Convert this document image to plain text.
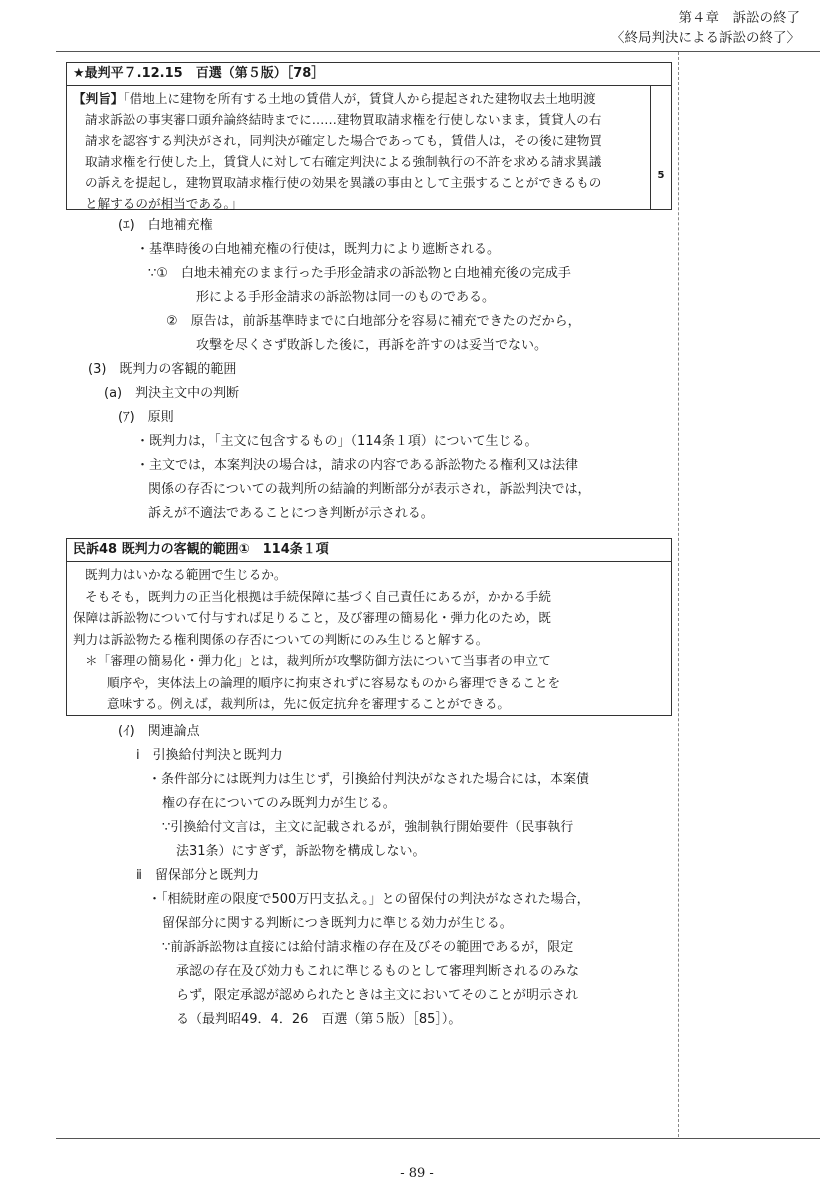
第４章　訴訟の終了
〈終局判決による訴訟の終了〉
★最判平７.12.15　百選（第５版）［78］
5

【判旨】「借地上に建物を所有する土地の賃借人が，賃貸人から提起された建物収去土地明渡

請求訴訟の事実審口頭弁論終結時までに……建物買取請求権を行使しないまま，賃貸人の右

請求を認容する判決がされ，同判決が確定した場合であっても，賃借人は，その後に建物買

取請求権を行使した上，賃貸人に対して右確定判決による強制執行の不許を求める請求異議

の訴えを提起し，建物買取請求権行使の効果を異議の事由として主張することができるもの

と解するのが相当である。」

(ｴ)　白地補充権
・基準時後の白地補充権の行使は，既判力により遮断される。
∵①　白地未補充のまま行った手形金請求の訴訟物と白地補充後の完成手
形による手形金請求の訴訟物は同一のものである。
②　原告は，前訴基準時までに白地部分を容易に補充できたのだから，
攻撃を尽くさず敗訴した後に，再訴を許すのは妥当でない。
(3)　既判力の客観的範囲
(a)　判決主文中の判断
(ｱ)　原則
・既判力は，「主文に包含するもの」（114条１項）について生じる。
・主文では，本案判決の場合は，請求の内容である訴訟物たる権利又は法律
関係の存否についての裁判所の結論的判断部分が表示され，訴訟判決では，
訴えが不適法であることにつき判断が示される。
民訴48 既判力の客観的範囲①　114条１項

既判力はいかなる範囲で生じるか。

そもそも，既判力の正当化根拠は手続保障に基づく自己責任にあるが，かかる手続

保障は訴訟物について付与すれば足りること，及び審理の簡易化・弾力化のため，既

判力は訴訟物たる権利関係の存否についての判断にのみ生じると解する。

＊「審理の簡易化・弾力化」とは，裁判所が攻撃防御方法について当事者の申立て

順序や，実体法上の論理的順序に拘束されずに容易なものから審理できることを

意味する。例えば，裁判所は，先に仮定抗弁を審理することができる。

(ｲ)　関連論点
ⅰ　引換給付判決と既判力
・条件部分には既判力は生じず，引換給付判決がなされた場合には，本案債
権の存在についてのみ既判力が生じる。
∵引換給付文言は，主文に記載されるが，強制執行開始要件（民事執行
法31条）にすぎず，訴訟物を構成しない。
ⅱ　留保部分と既判力
・「相続財産の限度で500万円支払え。」との留保付の判決がなされた場合，
留保部分に関する判断につき既判力に準じる効力が生じる。
∵前訴訴訟物は直接には給付請求権の存在及びその範囲であるが，限定
承認の存在及び効力もこれに準じるものとして審理判断されるのみな
らず，限定承認が認められたときは主文においてそのことが明示され
る（最判昭49．4．26　百選（第５版）［85］）。
- 89 -
